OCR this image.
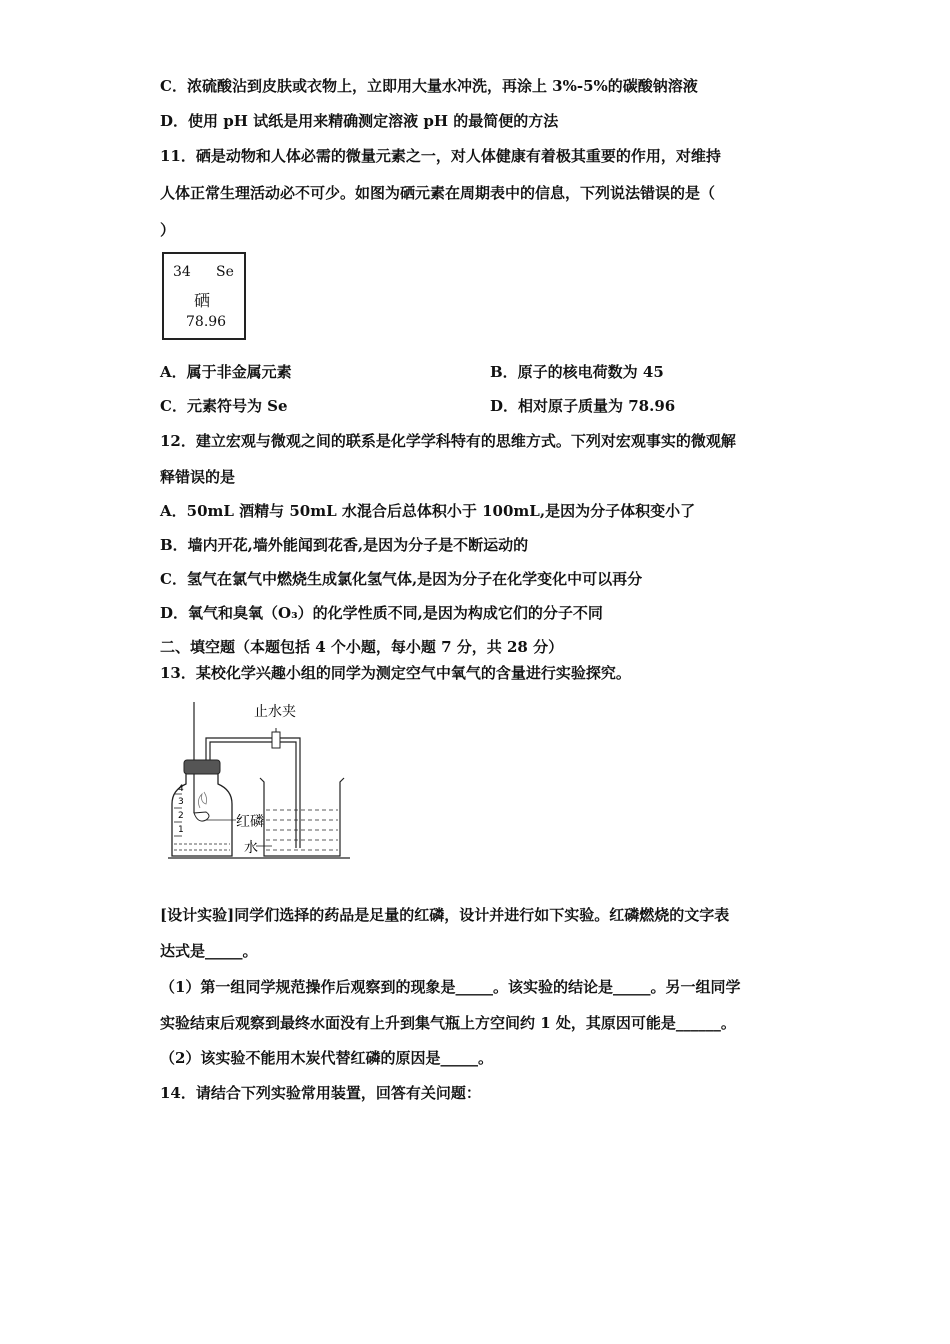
C．浓硫酸沾到皮肤或衣物上，立即用大量水冲洗，再涂上 3%-5%的碳酸钠溶液
D．使用 pH 试纸是用来精确测定溶液 pH 的最简便的方法
11．硒是动物和人体必需的微量元素之一，对人体健康有着极其重要的作用，对维持
人体正常生理活动必不可少。如图为硒元素在周期表中的信息，下列说法错误的是（
）
34 Se
硒
78.96
A．属于非金属元素	B．原子的核电荷数为 45
C．元素符号为 Se	D．相对原子质量为 78.96
12．建立宏观与微观之间的联系是化学学科特有的思维方式。下列对宏观事实的微观解
释错误的是
A．50mL 酒精与 50mL 水混合后总体积小于 100mL,是因为分子体积变小了
B．墙内开花,墙外能闻到花香,是因为分子是不断运动的
C．氢气在氯气中燃烧生成氯化氢气体,是因为分子在化学变化中可以再分
D．氧气和臭氧（O₃）的化学性质不同,是因为构成它们的分子不同
二、填空题（本题包括 4 个小题，每小题 7 分，共 28 分）
13．某校化学兴趣小组的同学为测定空气中氧气的含量进行实验探究。
4
3
2
1
止水夹
红磷
水
[设计实验]同学们选择的药品是足量的红磷，设计并进行如下实验。红磷燃烧的文字表
达式是_____。
（1）第一组同学规范操作后观察到的现象是_____。该实验的结论是_____。另一组同学
实验结束后观察到最终水面没有上升到集气瓶上方空间约 1 处，其原因可能是______。
（2）该实验不能用木炭代替红磷的原因是_____。
14．请结合下列实验常用装置，回答有关问题：
